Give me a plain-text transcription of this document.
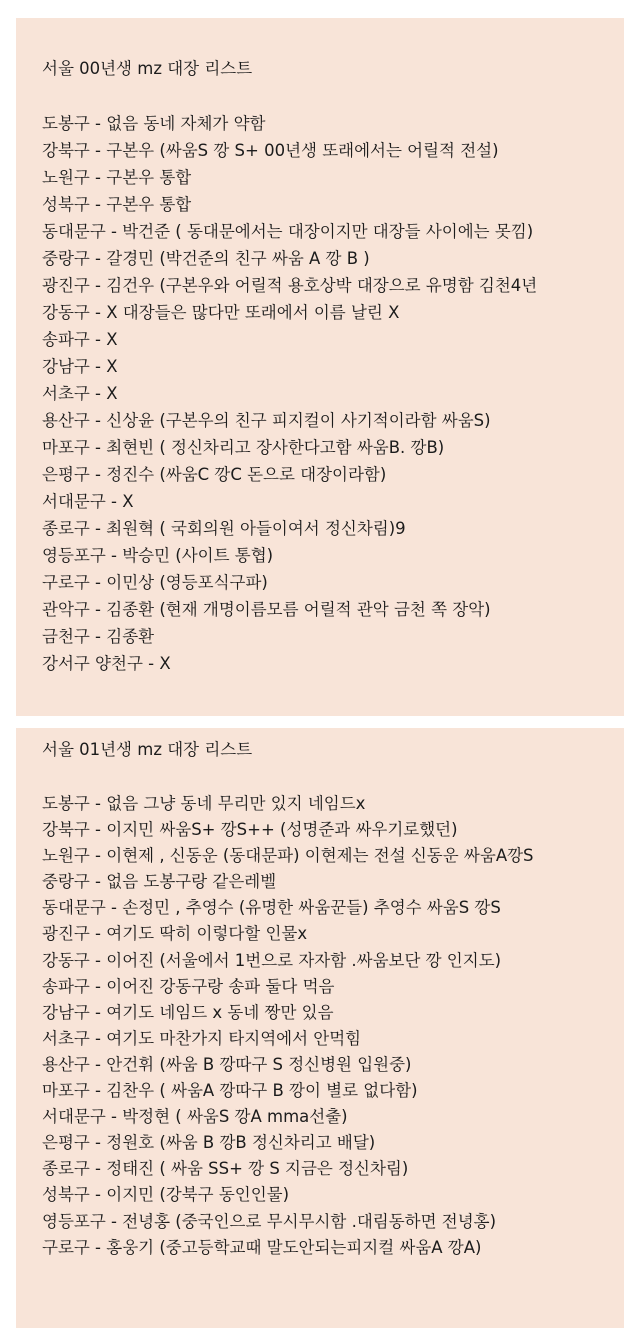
서울 00년생 mz 대장 리스트
도봉구 - 없음 동네 자체가 약함
강북구 - 구본우 (싸움S 깡 S+ 00년생 또래에서는 어릴적 전설)
노원구 - 구본우 통합
성북구 - 구본우 통합
동대문구 - 박건준 ( 동대문에서는 대장이지만 대장들 사이에는 못낌)
중랑구 - 갈경민 (박건준의 친구 싸움 A 깡 B )
광진구 - 김건우 (구본우와 어릴적 용호상박 대장으로 유명함 김천4년
강동구 - X 대장들은 많다만 또래에서 이름 날린 X
송파구 - X
강남구 - X
서초구 - X
용산구 - 신상윤 (구본우의 친구 피지컬이 사기적이라함 싸움S)
마포구 - 최현빈 ( 정신차리고 장사한다고함 싸움B. 깡B)
은평구 - 정진수 (싸움C 깡C 돈으로 대장이라함)
서대문구 - X
종로구 - 최원혁 ( 국회의원 아들이여서 정신차림)9
영등포구 - 박승민 (사이트 통협)
구로구 - 이민상 (영등포식구파)
관악구 - 김종환 (현재 개명이름모름 어릴적 관악 금천 쪽 장악)
금천구 - 김종환
강서구 양천구 - X
서울 01년생 mz 대장 리스트
도봉구 - 없음 그냥 동네 무리만 있지 네임드x
강북구 - 이지민 싸움S+ 깡S++ (성명준과 싸우기로했던)
노원구 - 이현제 , 신동운 (동대문파) 이현제는 전설 신동운 싸움A깡S
중랑구 - 없음 도봉구랑 같은레벨
동대문구 - 손정민 , 추영수 (유명한 싸움꾼들) 추영수 싸움S 깡S
광진구 - 여기도 딱히 이렇다할 인물x
강동구 - 이어진 (서울에서 1번으로 자자함 .싸움보단 깡 인지도)
송파구 - 이어진 강동구랑 송파 둘다 먹음
강남구 - 여기도 네임드 x 동네 짱만 있음
서초구 - 여기도 마찬가지 타지역에서 안먹힘
용산구 - 안건휘 (싸움 B 깡따구 S 정신병원 입원중)
마포구 - 김찬우 ( 싸움A 깡따구 B 깡이 별로 없다함)
서대문구 - 박정현 ( 싸움S 깡A mma선출)
은평구 - 정원호 (싸움 B 깡B 정신차리고 배달)
종로구 - 정태진 ( 싸움 SS+ 깡 S 지금은 정신차림)
성북구 - 이지민 (강북구 동인인물)
영등포구 - 전녕홍 (중국인으로 무시무시함 .대림동하면 전녕홍)
구로구 - 홍웅기 (중고등학교때 말도안되는피지컬 싸움A 깡A)
